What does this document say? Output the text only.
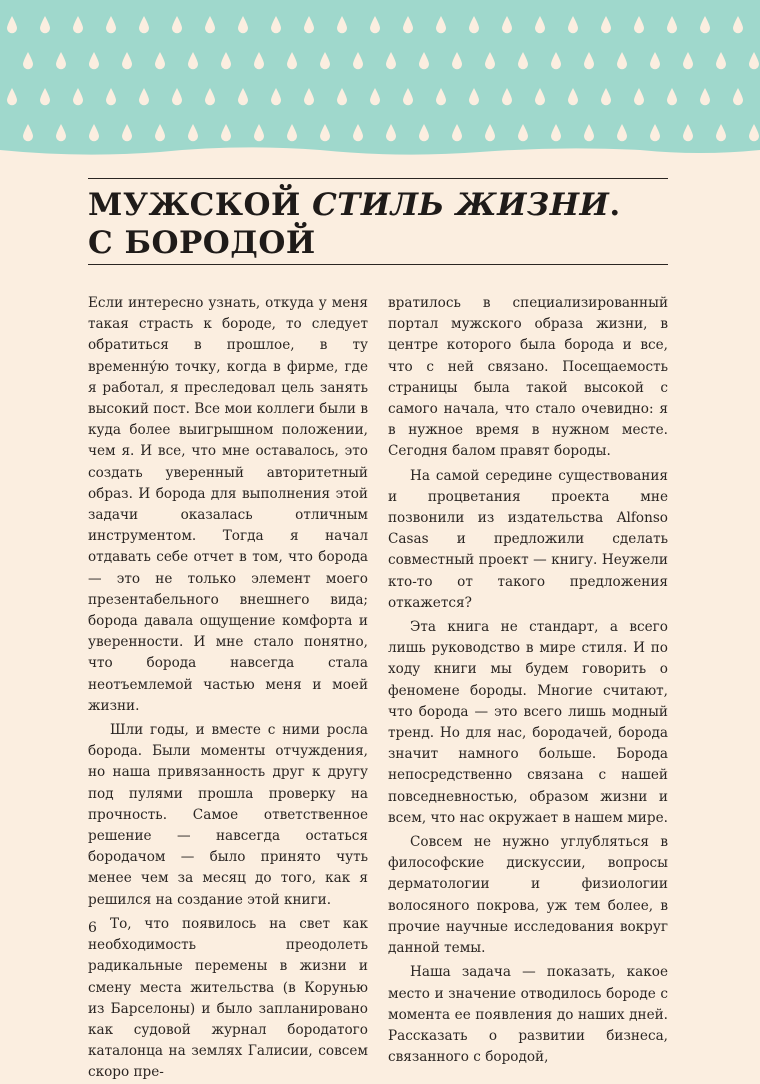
МУЖСКОЙ СТИЛЬ ЖИЗНИ.
С БОРОДОЙ

Если интересно узнать, откуда у меня такая страсть к бороде, то следует обратиться в прошлое, в ту временну́ю точку, когда в фирме, где я работал, я преследовал цель занять высокий пост. Все мои коллеги были в куда более выигрышном положении, чем я. И все, что мне оставалось, это создать уверенный авторитетный образ. И борода для выполнения этой задачи оказалась отличным инструментом. Тогда я начал отдавать себе отчет в том, что борода — это не только элемент моего презентабельного внешнего вида; борода давала ощущение комфорта и уверенности. И мне стало понятно, что борода навсегда стала неотъемлемой частью меня и моей жизни.

Шли годы, и вместе с ними росла борода. Были моменты отчуждения, но наша привязанность друг к другу под пулями прошла проверку на прочность. Самое ответственное решение — навсегда остаться бородачом — было принято чуть менее чем за месяц до того, как я решился на создание этой книги.

То, что появилось на свет как необходимость преодолеть радикальные перемены в жизни и смену места жительства (в Корунью из Барселоны) и было запланировано как судовой журнал бородатого каталонца на землях Галисии, совсем скоро пре-

вратилось в специализированный портал мужского образа жизни, в центре которого была борода и все, что с ней связано. Посещаемость страницы была такой высокой с самого начала, что стало очевидно: я в нужное время в нужном месте. Сегодня балом правят бороды.

На самой середине существования и процветания проекта мне позвонили из издательства Alfonso Casas и предложили сделать совместный проект — книгу. Неужели кто-то от такого предложения откажется?

Эта книга не стандарт, а всего лишь руководство в мире стиля. И по ходу книги мы будем говорить о феномене бороды. Многие считают, что борода — это всего лишь модный тренд. Но для нас, бородачей, борода значит намного больше. Борода непосредственно связана с нашей повседневностью, образом жизни и всем, что нас окружает в нашем мире.

Совсем не нужно углубляться в философские дискуссии, вопросы дерматологии и физиологии волосяного покрова, уж тем более, в прочие научные исследования вокруг данной темы.

Наша задача — показать, какое место и значение отводилось бороде с момента ее появления до наших дней. Рассказать о развитии бизнеса, связанного с бородой,

6
